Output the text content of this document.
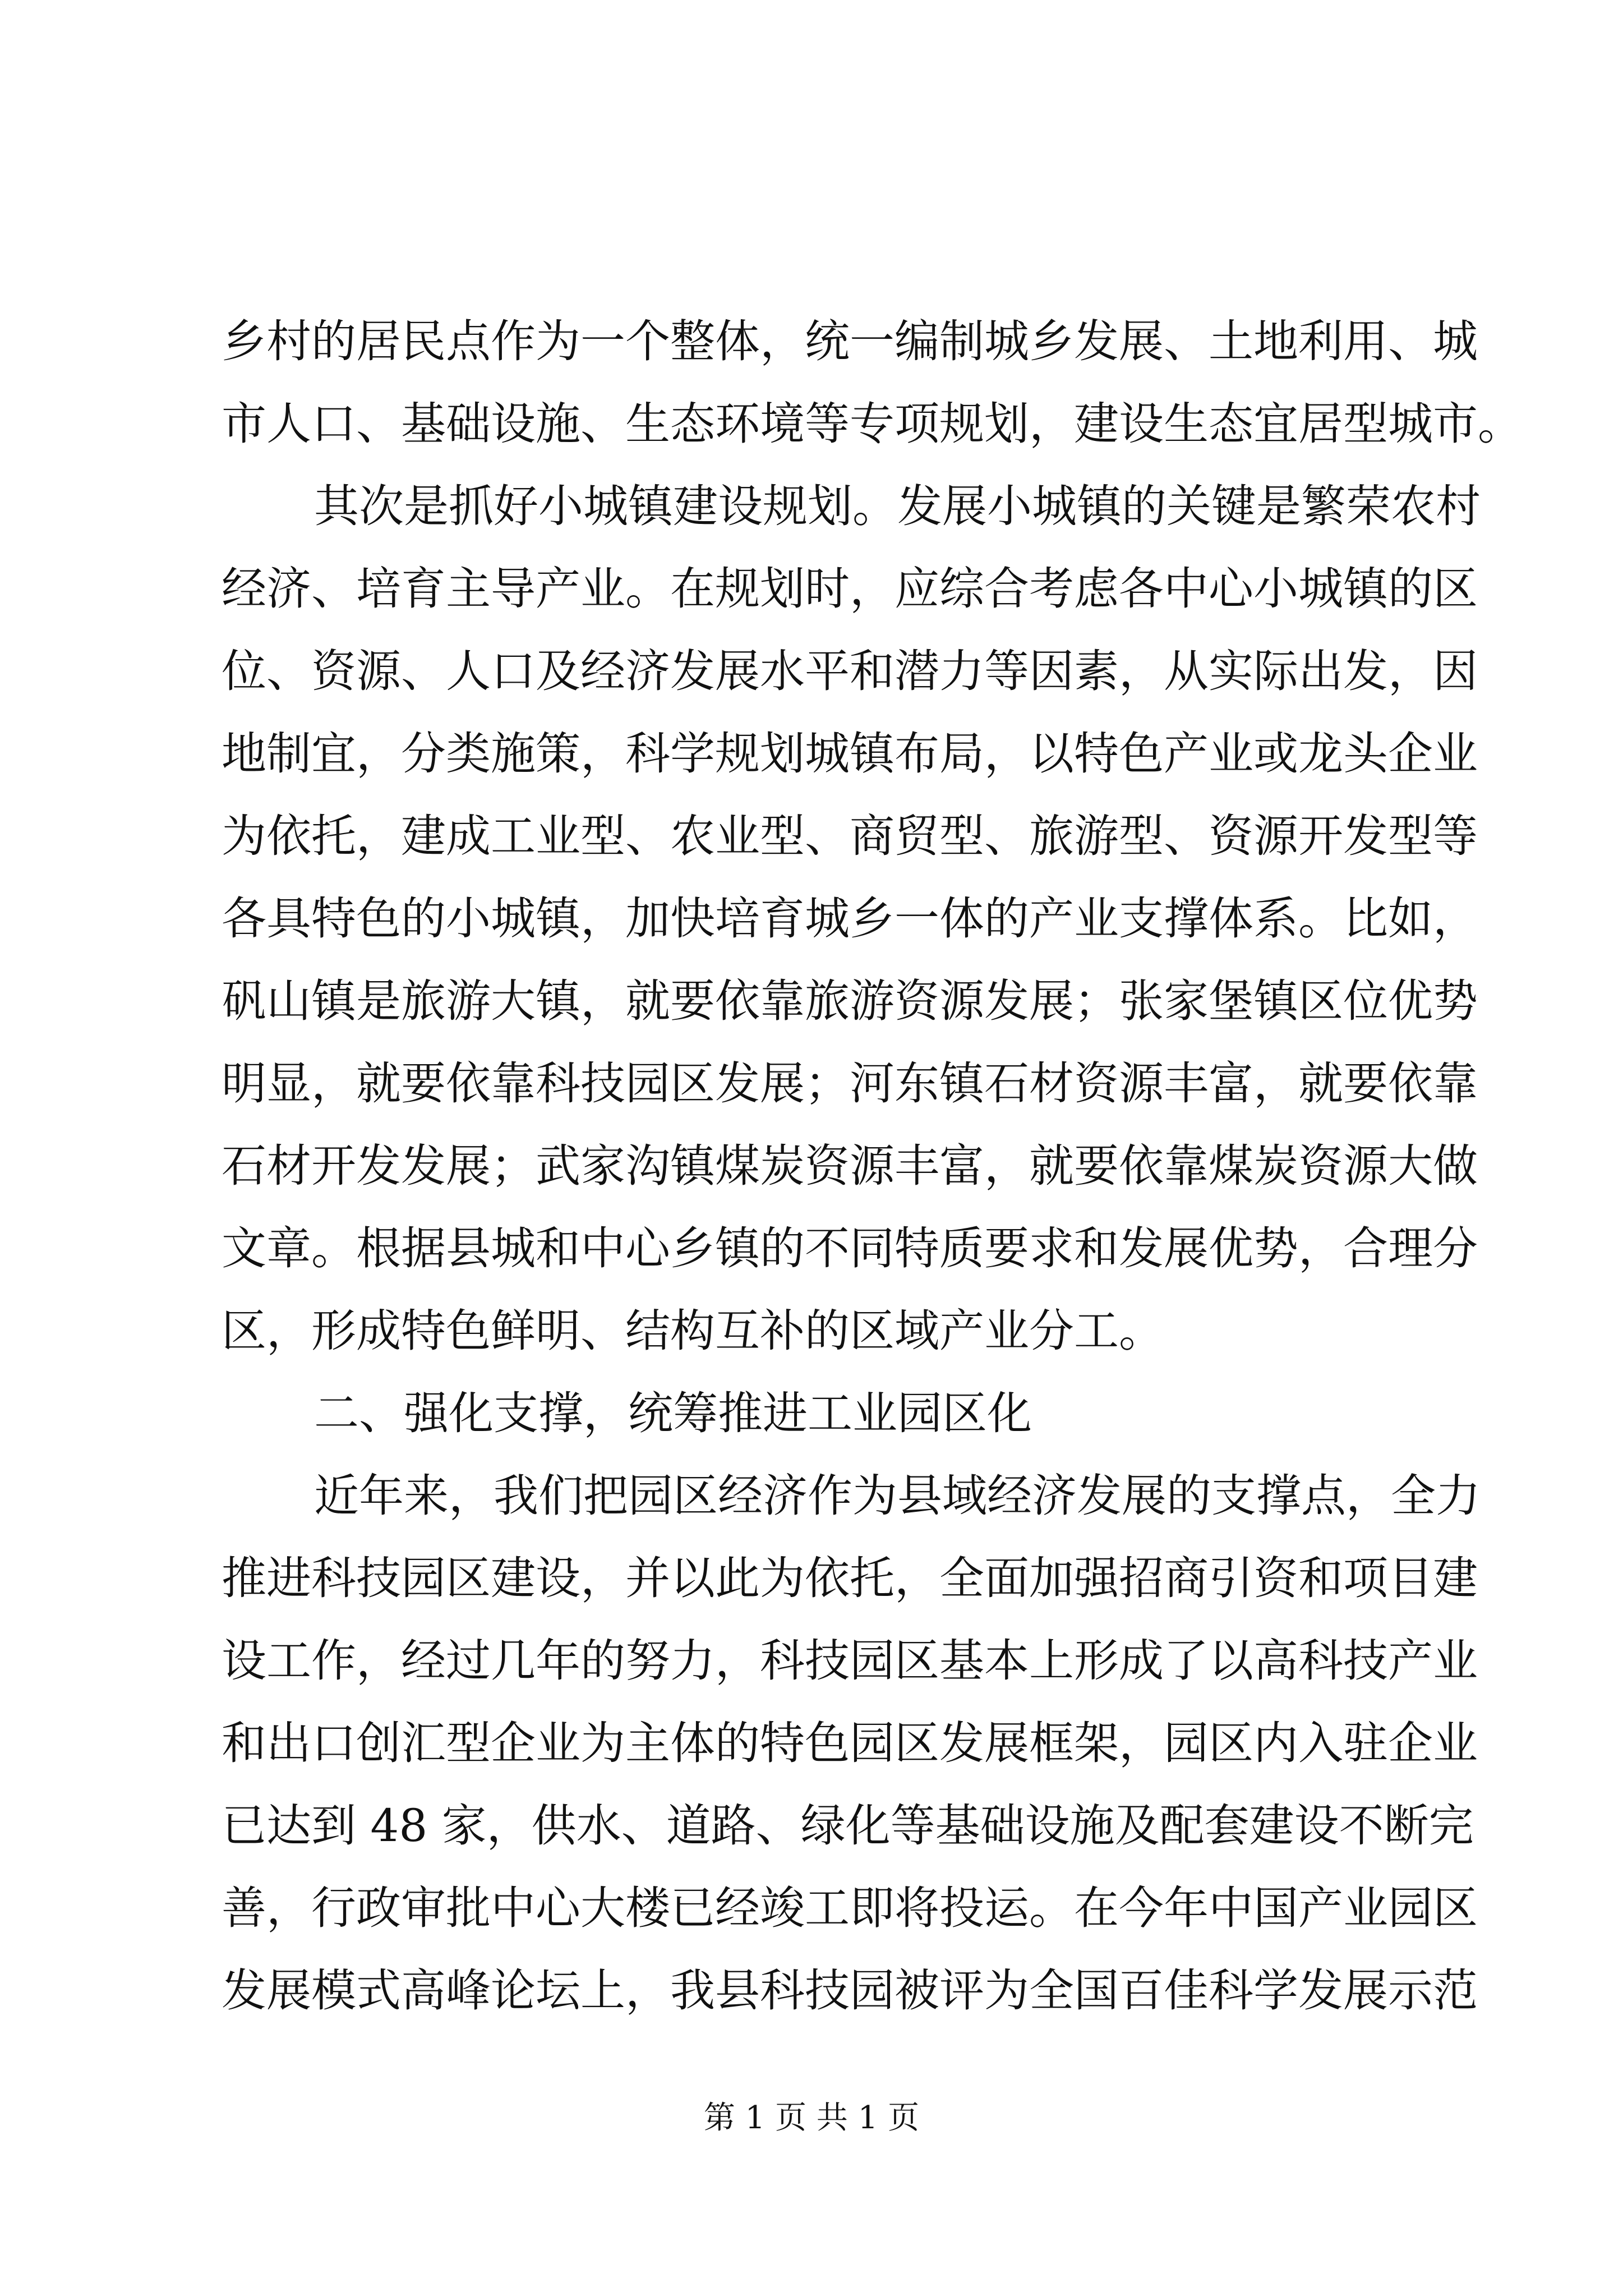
乡村的居民点作为一个整体，统一编制城乡发展、土地利用、城
市人口、基础设施、生态环境等专项规划，建设生态宜居型城市。
其次是抓好小城镇建设规划。发展小城镇的关键是繁荣农村
经济、培育主导产业。在规划时，应综合考虑各中心小城镇的区
位、资源、人口及经济发展水平和潜力等因素，从实际出发，因
地制宜，分类施策，科学规划城镇布局，以特色产业或龙头企业
为依托，建成工业型、农业型、商贸型、旅游型、资源开发型等
各具特色的小城镇，加快培育城乡一体的产业支撑体系。比如，
矾山镇是旅游大镇，就要依靠旅游资源发展；张家堡镇区位优势
明显，就要依靠科技园区发展；河东镇石材资源丰富，就要依靠
石材开发发展；武家沟镇煤炭资源丰富，就要依靠煤炭资源大做
文章。根据县城和中心乡镇的不同特质要求和发展优势，合理分
区，形成特色鲜明、结构互补的区域产业分工。
二、强化支撑，统筹推进工业园区化
近年来，我们把园区经济作为县域经济发展的支撑点，全力
推进科技园区建设，并以此为依托，全面加强招商引资和项目建
设工作，经过几年的努力，科技园区基本上形成了以高科技产业
和出口创汇型企业为主体的特色园区发展框架，园区内入驻企业
已达到 48 家，供水、道路、绿化等基础设施及配套建设不断完
善，行政审批中心大楼已经竣工即将投运。在今年中国产业园区
发展模式高峰论坛上，我县科技园被评为全国百佳科学发展示范
第 1 页 共 1 页
